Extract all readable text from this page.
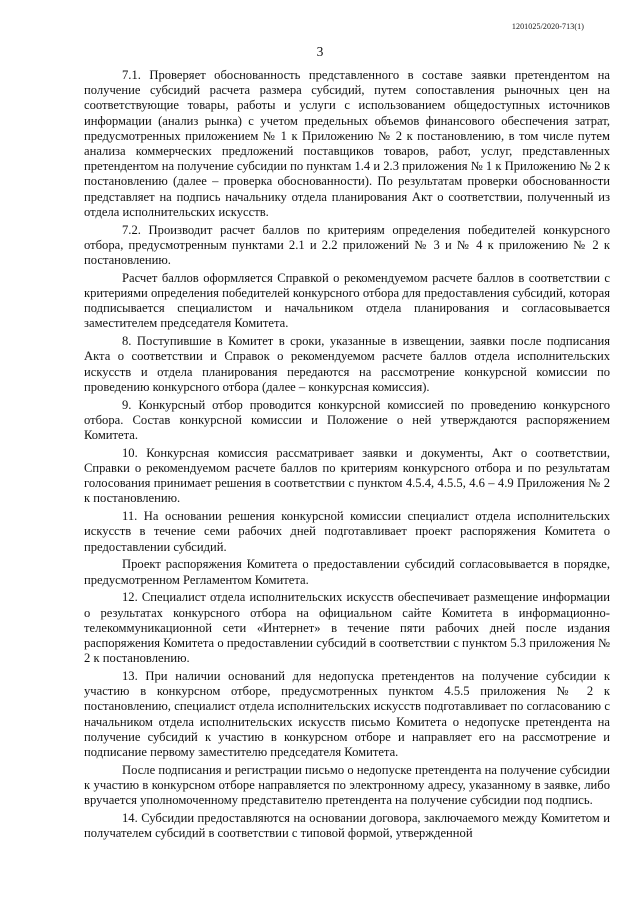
1201025/2020-713(1)
3

7.1. Проверяет обоснованность представленного в составе заявки претендентом на получение субсидий расчета размера субсидий, путем сопоставления рыночных цен на соответствующие товары, работы и услуги с использованием общедоступных источников информации (анализ рынка) с учетом предельных объемов финансового обеспечения затрат, предусмотренных приложением № 1 к Приложению № 2 к постановлению, в том числе путем анализа коммерческих предложений поставщиков товаров, работ, услуг, представленных претендентом на получение субсидии по пунктам 1.4 и 2.3 приложения № 1 к Приложению № 2 к постановлению (далее – проверка обоснованности). По результатам проверки обоснованности представляет на подпись начальнику отдела планирования Акт о соответствии, полученный из отдела исполнительских искусств.

7.2. Производит расчет баллов по критериям определения победителей конкурсного отбора, предусмотренным пунктами 2.1 и 2.2 приложений № 3 и № 4 к приложению № 2 к постановлению.

Расчет баллов оформляется Справкой о рекомендуемом расчете баллов в соответствии с критериями определения победителей конкурсного отбора для предоставления субсидий, которая подписывается специалистом и начальником отдела планирования и согласовывается заместителем председателя Комитета.

8. Поступившие в Комитет в сроки, указанные в извещении, заявки после подписания Акта о соответствии и Справок о рекомендуемом расчете баллов отдела исполнительских искусств и отдела планирования передаются на рассмотрение конкурсной комиссии по проведению конкурсного отбора (далее – конкурсная комиссия).

9. Конкурсный отбор проводится конкурсной комиссией по проведению конкурсного отбора. Состав конкурсной комиссии и Положение о ней утверждаются распоряжением Комитета.

10. Конкурсная комиссия рассматривает заявки и документы, Акт о соответствии, Справки о рекомендуемом расчете баллов по критериям конкурсного отбора и по результатам голосования принимает решения в соответствии с пунктом 4.5.4, 4.5.5, 4.6 – 4.9 Приложения № 2 к постановлению.

11. На основании решения конкурсной комиссии специалист отдела исполнительских искусств в течение семи рабочих дней подготавливает проект распоряжения Комитета о предоставлении субсидий.

Проект распоряжения Комитета о предоставлении субсидий согласовывается в порядке, предусмотренном Регламентом Комитета.

12. Специалист отдела исполнительских искусств обеспечивает размещение информации о результатах конкурсного отбора на официальном сайте Комитета в информационно-телекоммуникационной сети «Интернет» в течение пяти рабочих дней после издания распоряжения Комитета о предоставлении субсидий в соответствии с пунктом 5.3 приложения № 2 к постановлению.

13. При наличии оснований для недопуска претендентов на получение субсидии к участию в конкурсном отборе, предусмотренных пунктом 4.5.5 приложения № 2 к постановлению, специалист отдела исполнительских искусств подготавливает по согласованию с начальником отдела исполнительских искусств письмо Комитета о недопуске претендента на получение субсидий к участию в конкурсном отборе и направляет его на рассмотрение и подписание первому заместителю председателя Комитета.

После подписания и регистрации письмо о недопуске претендента на получение субсидии к участию в конкурсном отборе направляется по электронному адресу, указанному в заявке, либо вручается уполномоченному представителю претендента на получение субсидии под подпись.

14. Субсидии предоставляются на основании договора, заключаемого между Комитетом и получателем субсидий в соответствии с типовой формой, утвержденной
